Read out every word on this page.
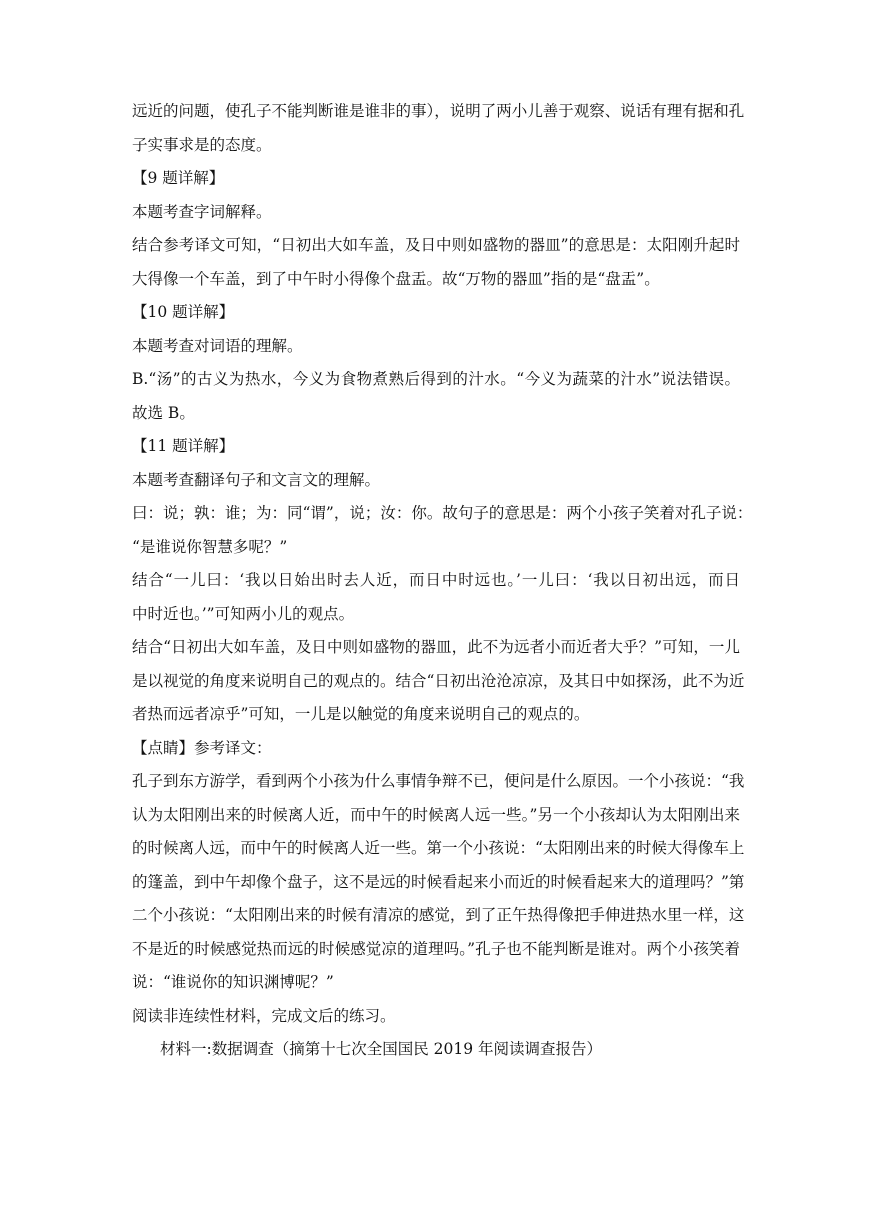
远近的问题，使孔子不能判断谁是谁非的事），说明了两小儿善于观察、说话有理有据和孔
子实事求是的态度。
【9 题详解】
本题考查字词解释。
结合参考译文可知，“日初出大如车盖，及日中则如盛物的器皿”的意思是：太阳刚升起时
大得像一个车盖，到了中午时小得像个盘盂。故“万物的器皿”指的是“盘盂”。
【10 题详解】
本题考查对词语的理解。
B.“汤”的古义为热水，今义为食物煮熟后得到的汁水。“今义为蔬菜的汁水”说法错误。
故选 B。
【11 题详解】
本题考查翻译句子和文言文的理解。
曰：说；孰：谁；为：同“谓”，说；汝：你。故句子的意思是：两个小孩子笑着对孔子说：
“是谁说你智慧多呢？”
结合“一儿曰：‘我以日始出时去人近，而日中时远也。’一儿曰：‘我以日初出远，而日
中时近也。’”可知两小儿的观点。
结合“日初出大如车盖，及日中则如盛物的器皿，此不为远者小而近者大乎？”可知，一儿
是以视觉的角度来说明自己的观点的。结合“日初出沧沧凉凉，及其日中如探汤，此不为近
者热而远者凉乎”可知，一儿是以触觉的角度来说明自己的观点的。
【点睛】参考译文：
孔子到东方游学，看到两个小孩为什么事情争辩不已，便问是什么原因。一个小孩说：“我
认为太阳刚出来的时候离人近，而中午的时候离人远一些。”另一个小孩却认为太阳刚出来
的时候离人远，而中午的时候离人近一些。第一个小孩说：“太阳刚出来的时候大得像车上
的篷盖，到中午却像个盘子，这不是远的时候看起来小而近的时候看起来大的道理吗？”第
二个小孩说：“太阳刚出来的时候有清凉的感觉，到了正午热得像把手伸进热水里一样，这
不是近的时候感觉热而远的时候感觉凉的道理吗。”孔子也不能判断是谁对。两个小孩笑着
说：“谁说你的知识渊博呢？”
阅读非连续性材料，完成文后的练习。
材料一:数据调查（摘第十七次全国国民 2019 年阅读调查报告）
